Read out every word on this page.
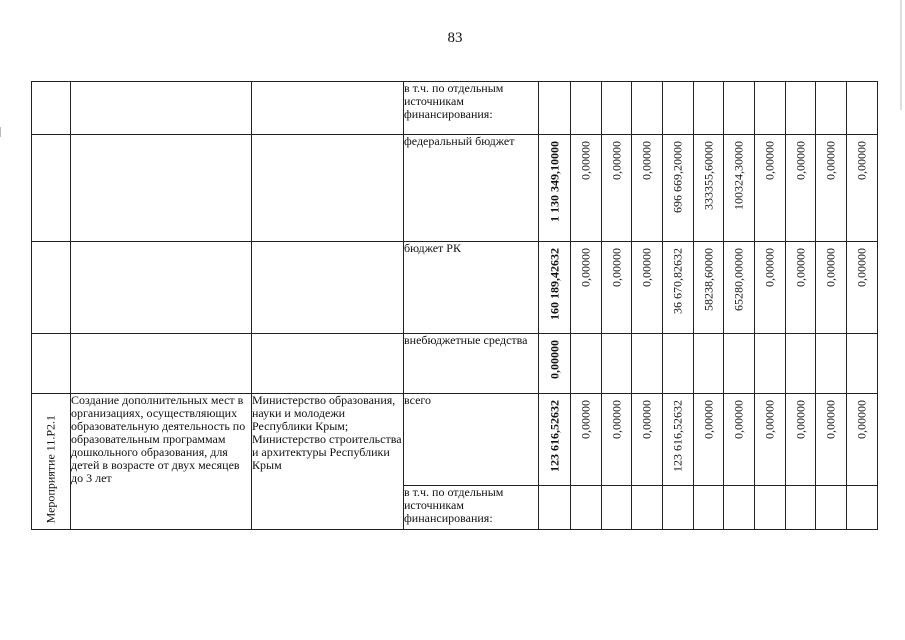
83
			в т.ч. по отдельным источникам финансирования:											
			федеральный бюджет	1 130 349,10000	0,00000	0,00000	0,00000	696 669,20000	333355,60000	100324,30000	0,00000	0,00000	0,00000	0,00000

			бюджет РК	160 189,42632	0,00000	0,00000	0,00000	36 670,82632	58238,60000	65280,00000	0,00000	0,00000	0,00000	0,00000

			внебюджетные средства	0,00000										

Мероприятие 11.Р2.1	Создание дополнительных мест в организациях, осуществляющих образовательную деятельность по образовательным программам дошкольного образования, для детей в возрасте от двух месяцев до 3 лет	Министерство образования, науки и молодежи Республики Крым; Министерство строительства и архитектуры Республики Крым	всего	123 616,52632	0,00000	0,00000	0,00000	123 616,52632	0,00000	0,00000	0,00000	0,00000	0,00000	0,00000

			в т.ч. по отдельным источникам финансирования:											
